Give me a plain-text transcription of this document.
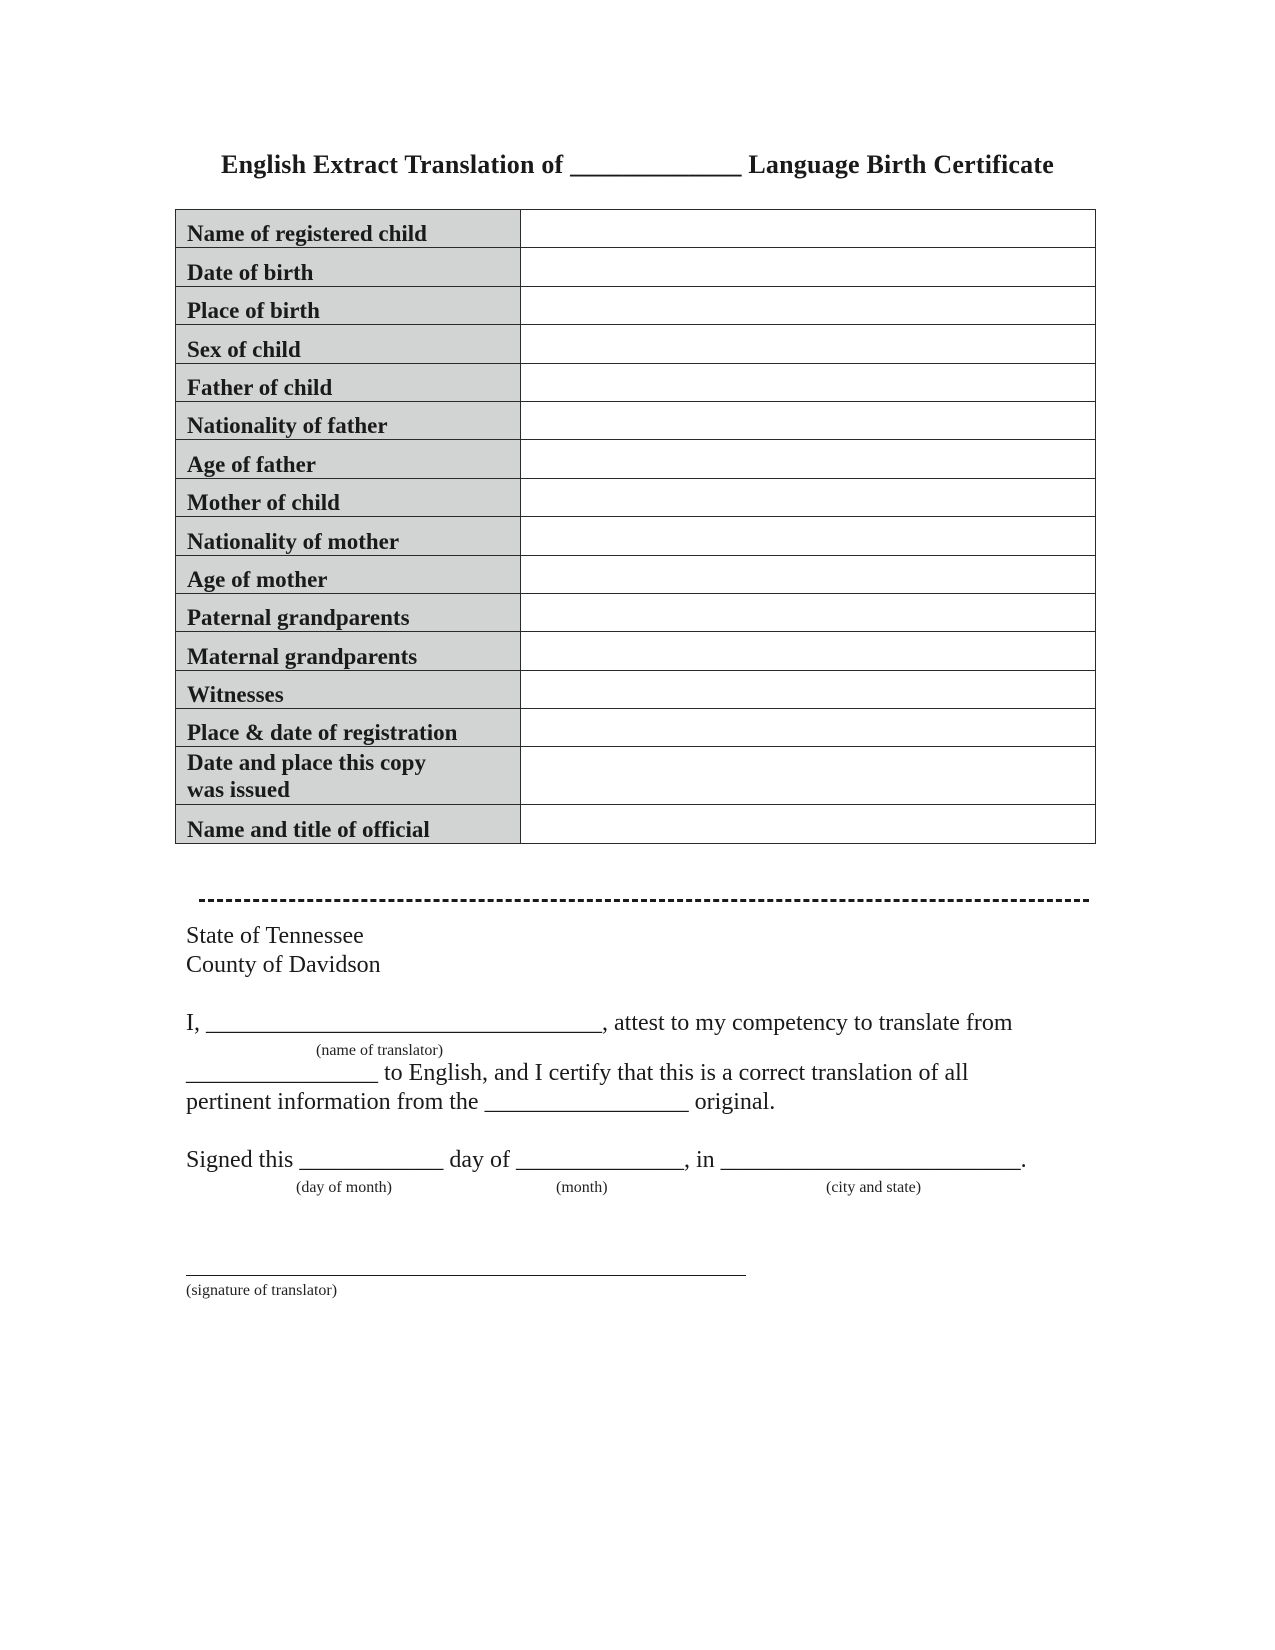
English Extract Translation of _____________ Language Birth Certificate
Name of registered child	
Date of birth	
Place of birth	
Sex of child	
Father of child	
Nationality of father	
Age of father	
Mother of child	
Nationality of mother	
Age of mother	
Paternal grandparents	
Maternal grandparents	
Witnesses	
Place & date of registration	

Date and place this copy
was issued	

Name and title of official	
State of Tennessee
County of Davidson
I, _________________________________, attest to my competency to translate from
(name of translator)
________________ to English, and I certify that this is a correct translation of all
pertinent information from the _________________ original.
Signed this ____________ day of ______________, in _________________________.
(day of month)	(month)	(city and state)
(signature of translator)
